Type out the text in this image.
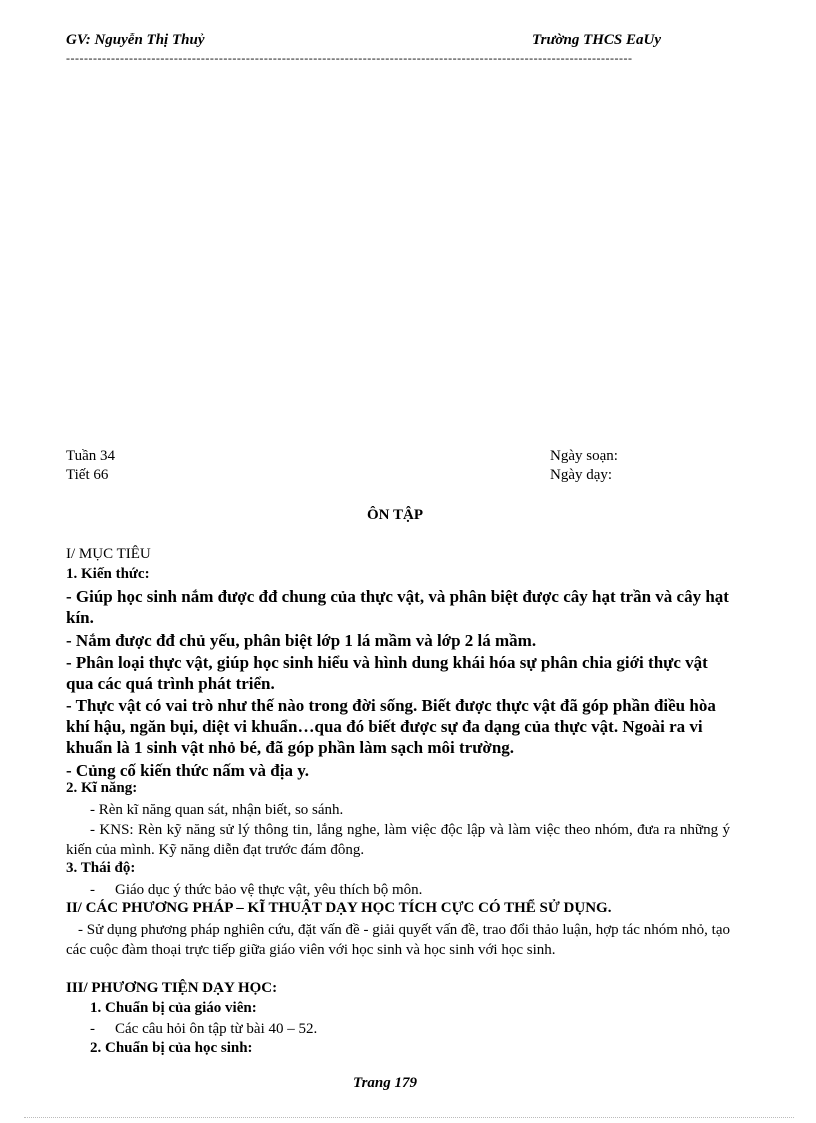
GV: Nguyễn Thị Thuỷ	Trường THCS EaUy
------------------------------------------------------------------------------------------------------------------------------
Tuần 34
Tiết 66
Ngày soạn:
Ngày dạy:
ÔN TẬP
I/ MỤC TIÊU
1. Kiến thức:
- Giúp học sinh nắm được đđ chung của thực vật, và phân biệt được cây hạt trần và cây hạt kín.
- Nắm được đđ chủ yếu, phân biệt lớp 1 lá mầm và lớp 2 lá mầm.
- Phân loại thực vật, giúp học sinh hiểu và hình dung khái hóa sự phân chia giới thực vật qua các quá trình phát triển.
- Thực vật có vai trò như thế nào trong đời sống. Biết được thực vật đã góp phần điều hòa khí hậu, ngăn bụi, diệt vi khuẩn…qua đó biết được sự đa dạng của thực vật. Ngoài ra vi khuẩn là 1 sinh vật nhỏ bé, đã góp phần làm sạch môi trường.
- Củng cố kiến thức nấm và địa y.
2. Kĩ năng:
- Rèn kĩ năng quan sát, nhận biết, so sánh.
- KNS: Rèn kỹ năng sử lý thông tin, lắng nghe, làm việc độc lập và làm việc theo nhóm, đưa ra những ý kiến của mình. Kỹ năng diễn đạt trước đám đông.
3. Thái độ:
-	Giáo dục ý thức bảo vệ thực vật, yêu thích bộ môn.
II/ CÁC PHƯƠNG PHÁP – KĨ THUẬT DẠY HỌC TÍCH CỰC CÓ THỂ SỬ DỤNG.
- Sử dụng phương pháp nghiên cứu, đặt vấn đề - giải quyết vấn đề, trao đổi thảo luận, hợp tác nhóm nhỏ, tạo các cuộc đàm thoại trực tiếp giữa giáo viên với học sinh và học sinh với học sinh.
III/ PHƯƠNG TIỆN DẠY HỌC:
1. Chuẩn bị của giáo viên:
-	Các câu hỏi ôn tập từ bài 40 – 52.
2. Chuẩn bị của học sinh:
Trang 179
